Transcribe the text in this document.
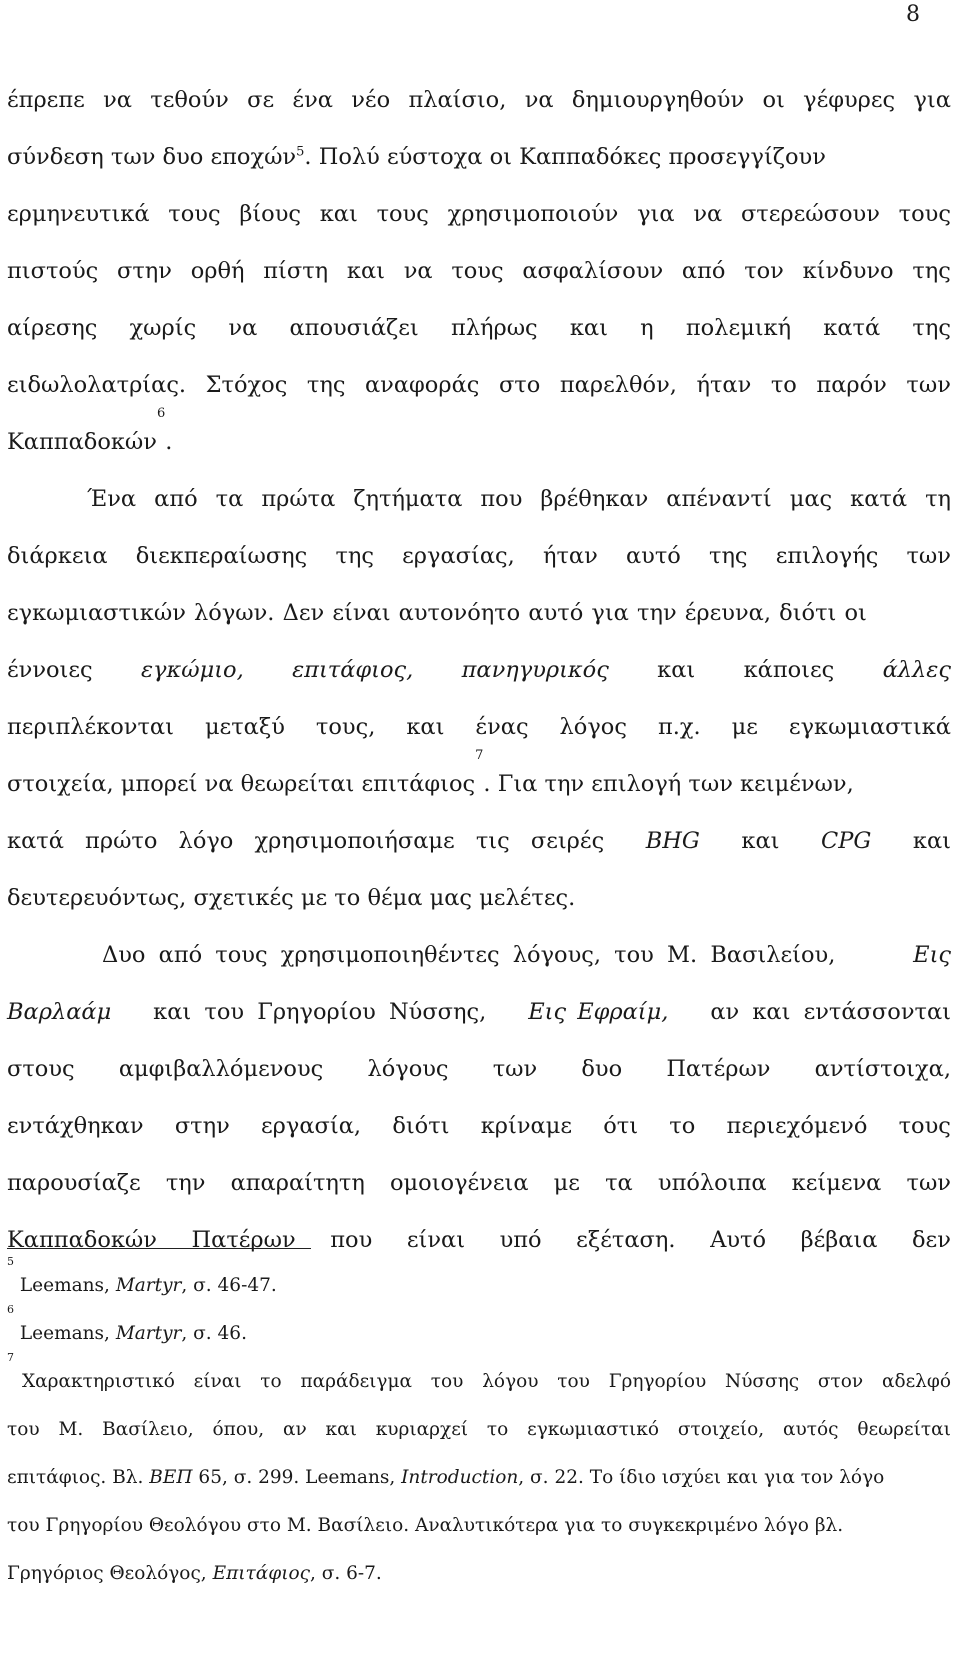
8
έπρεπε να τεθούν σε ένα νέο πλαίσιο, να δημιουργηθούν οι γέφυρες για
σύνδεση των δυο εποχών$^5$. Πολύ εύστοχα οι Καππαδόκες προσεγγίζουν
ερμηνευτικά τους βίους και τους χρησιμοποιούν για να στερεώσουν τους
πιστούς στην ορθή πίστη και να τους ασφαλίσουν από τον κίνδυνο της
αίρεσης χωρίς να απουσιάζει πλήρως και η πολεμική κατά της
ειδωλολατρίας. Στόχος της αναφοράς στο παρελθόν, ήταν το παρόν των
Καππαδοκών
6
.
Ένα από τα πρώτα ζητήματα που βρέθηκαν απέναντί μας κατά τη
διάρκεια διεκπεραίωσης της εργασίας, ήταν αυτό της επιλογής των
εγκωμιαστικών λόγων. Δεν είναι αυτονόητο αυτό για την έρευνα, διότι οι
έννοιες εγκώμιο, επιτάφιος, πανηγυρικός και κάποιες άλλες
περιπλέκονται μεταξύ τους, και ένας λόγος π.χ. με εγκωμιαστικά
στοιχεία, μπορεί να θεωρείται επιτάφιος
7
. Για την επιλογή των κειμένων,
κατά πρώτο λόγο χρησιμοποιήσαμε τις σειρές BHG και CPG και
δευτερευόντως, σχετικές με το θέμα μας μελέτες.
Δυο από τους χρησιμοποιηθέντες λόγους, του Μ. Βασιλείου,	Εις
Βαρλαάμ και του Γρηγορίου Νύσσης, Εις Εφραίμ, αν και εντάσσονται
στους αμφιβαλλόμενους λόγους των δυο Πατέρων αντίστοιχα,
εντάχθηκαν στην εργασία, διότι κρίναμε ότι το περιεχόμενό τους
παρουσίαζε την απαραίτητη ομοιογένεια με τα υπόλοιπα κείμενα των
Καππαδοκών Πατέρων που είναι υπό εξέταση. Αυτό βέβαια δεν
5

Leemans,
Martyr , σ. 46-47.
6

Leemans,
Martyr , σ. 46.
7
Χαρακτηριστικό είναι το παράδειγμα του λόγου του Γρηγορίου Νύσσης στον αδελφό
του Μ. Βασίλειο, όπου, αν και κυριαρχεί το εγκωμιαστικό στοιχείο, αυτός θεωρείται
επιτάφιος. Βλ.
ΒΕΠ
65, σ. 299. Leemans,
Introduction , σ. 22. Το ίδιο ισχύει και για τον λόγο
του Γρηγορίου Θεολόγου στο Μ. Βασίλειο. Αναλυτικότερα για το συγκεκριμένο λόγο βλ.
Γρηγόριος Θεολόγος,
Επιτάφιος , σ. 6-7.
